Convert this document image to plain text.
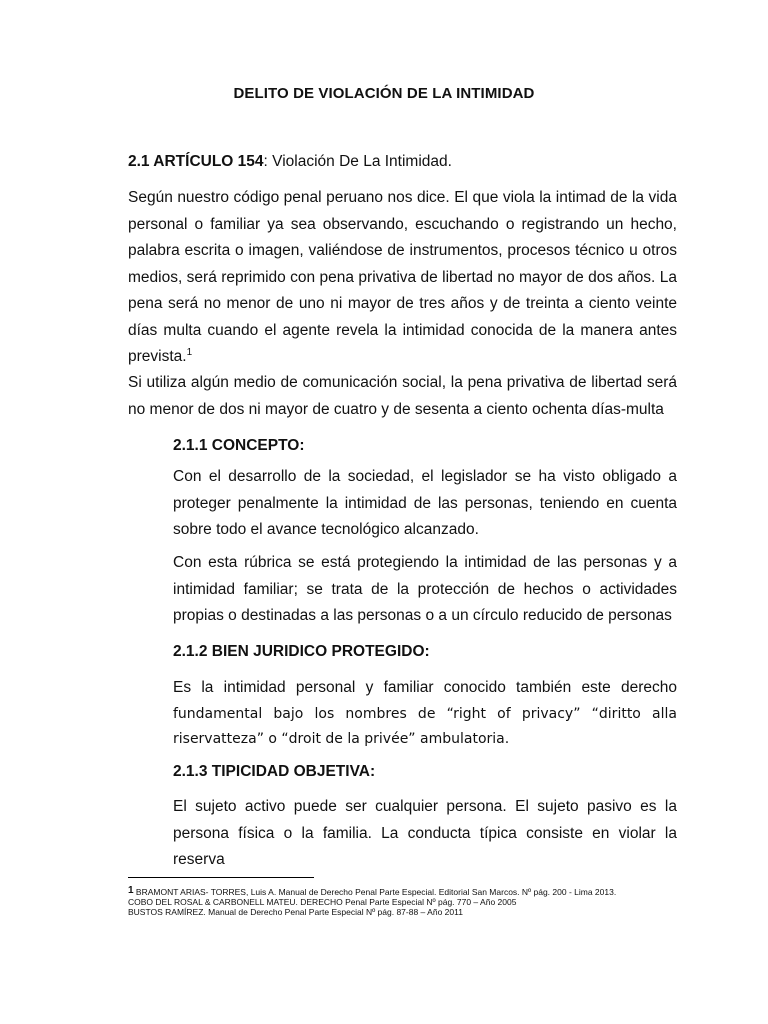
DELITO DE VIOLACIÓN DE LA INTIMIDAD
2.1 ARTÍCULO 154: Violación De La Intimidad.
Según nuestro código penal peruano nos dice. El que viola la intimad de la vida personal o familiar ya sea observando, escuchando o registrando un hecho, palabra escrita o imagen, valiéndose de instrumentos, procesos técnico u otros medios, será reprimido con pena privativa de libertad no mayor de dos años. La pena será no menor de uno ni mayor de tres años y de treinta a ciento veinte días multa cuando el agente revela la intimidad conocida de la manera antes prevista.$^1$
Si utiliza algún medio de comunicación social, la pena privativa de libertad será no menor de dos ni mayor de cuatro y de sesenta a ciento ochenta días-multa
2.1.1 CONCEPTO:
Con el desarrollo de la sociedad, el legislador se ha visto obligado a proteger penalmente la intimidad de las personas, teniendo en cuenta sobre todo el avance tecnológico alcanzado.
Con esta rúbrica se está protegiendo la intimidad de las personas y a intimidad familiar; se trata de la protección de hechos o actividades propias o destinadas a las personas o a un círculo reducido de personas
2.1.2 BIEN JURIDICO PROTEGIDO:
Es la intimidad personal y familiar conocido también este derecho
fundamental bajo los nombres de “right of privacy” “diritto alla riservatteza” o “droit de la privée” ambulatoria.
2.1.3 TIPICIDAD OBJETIVA:
El sujeto activo puede ser cualquier persona. El sujeto pasivo es la persona física o la familia. La conducta típica consiste en violar la reserva
1 BRAMONT ARIAS- TORRES, Luis A. Manual de Derecho Penal Parte Especial. Editorial San Marcos. Nº pág. 200 - Lima 2013.
COBO DEL ROSAL & CARBONELL MATEU. DERECHO Penal Parte Especial Nº pág. 770 – Año 2005
BUSTOS RAMÍREZ. Manual de Derecho Penal Parte Especial Nº pág. 87-88 – Año 2011
